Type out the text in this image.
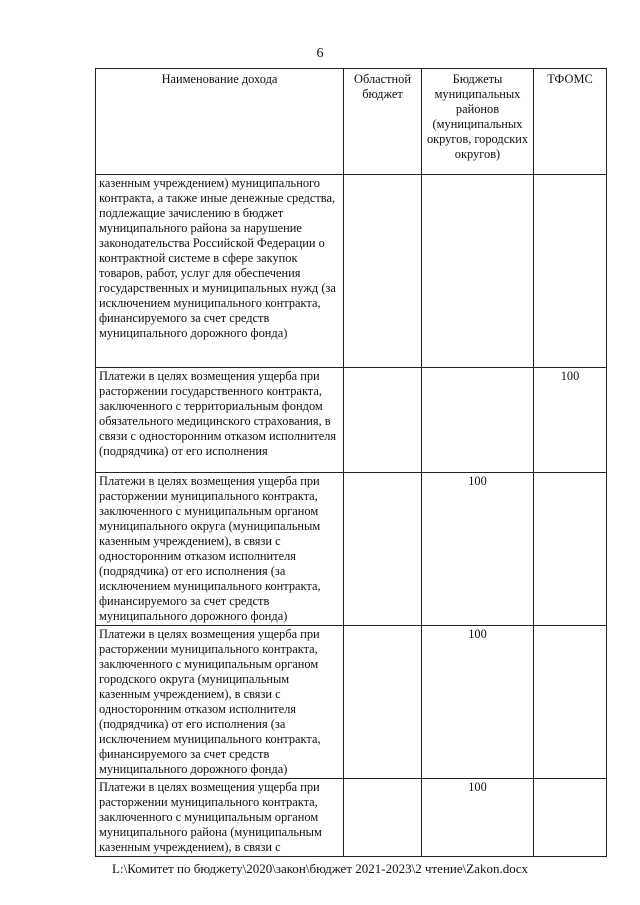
6
Наименование дохода	Областной бюджет	Бюджеты муниципальных районов (муниципальных округов, городских округов)	ТФОМС
казенным учреждением) муниципального контракта, а также иные денежные средства, подлежащие зачислению в бюджет муниципального района за нарушение законодательства Российской Федерации о контрактной системе в сфере закупок товаров, работ, услуг для обеспечения государственных и муниципальных нужд (за исключением муниципального контракта, финансируемого за счет средств муниципального дорожного фонда)			
Платежи в целях возмещения ущерба при расторжении государственного контракта, заключенного с территориальным фондом обязательного медицинского страхования, в связи с односторонним отказом исполнителя (подрядчика) от его исполнения			100
Платежи в целях возмещения ущерба при расторжении муниципального контракта, заключенного с муниципальным органом муниципального округа (муниципальным казенным учреждением), в связи с односторонним отказом исполнителя (подрядчика) от его исполнения (за исключением муниципального контракта, финансируемого за счет средств муниципального дорожного фонда)		100	
Платежи в целях возмещения ущерба при расторжении муниципального контракта, заключенного с муниципальным органом городского округа (муниципальным казенным учреждением), в связи с односторонним отказом исполнителя (подрядчика) от его исполнения (за исключением муниципального контракта, финансируемого за счет средств муниципального дорожного фонда)		100	
Платежи в целях возмещения ущерба при расторжении муниципального контракта, заключенного с муниципальным органом муниципального района (муниципальным казенным учреждением), в связи с		100	
L:\Комитет по бюджету\2020\закон\бюджет 2021-2023\2 чтение\Zakon.docx
